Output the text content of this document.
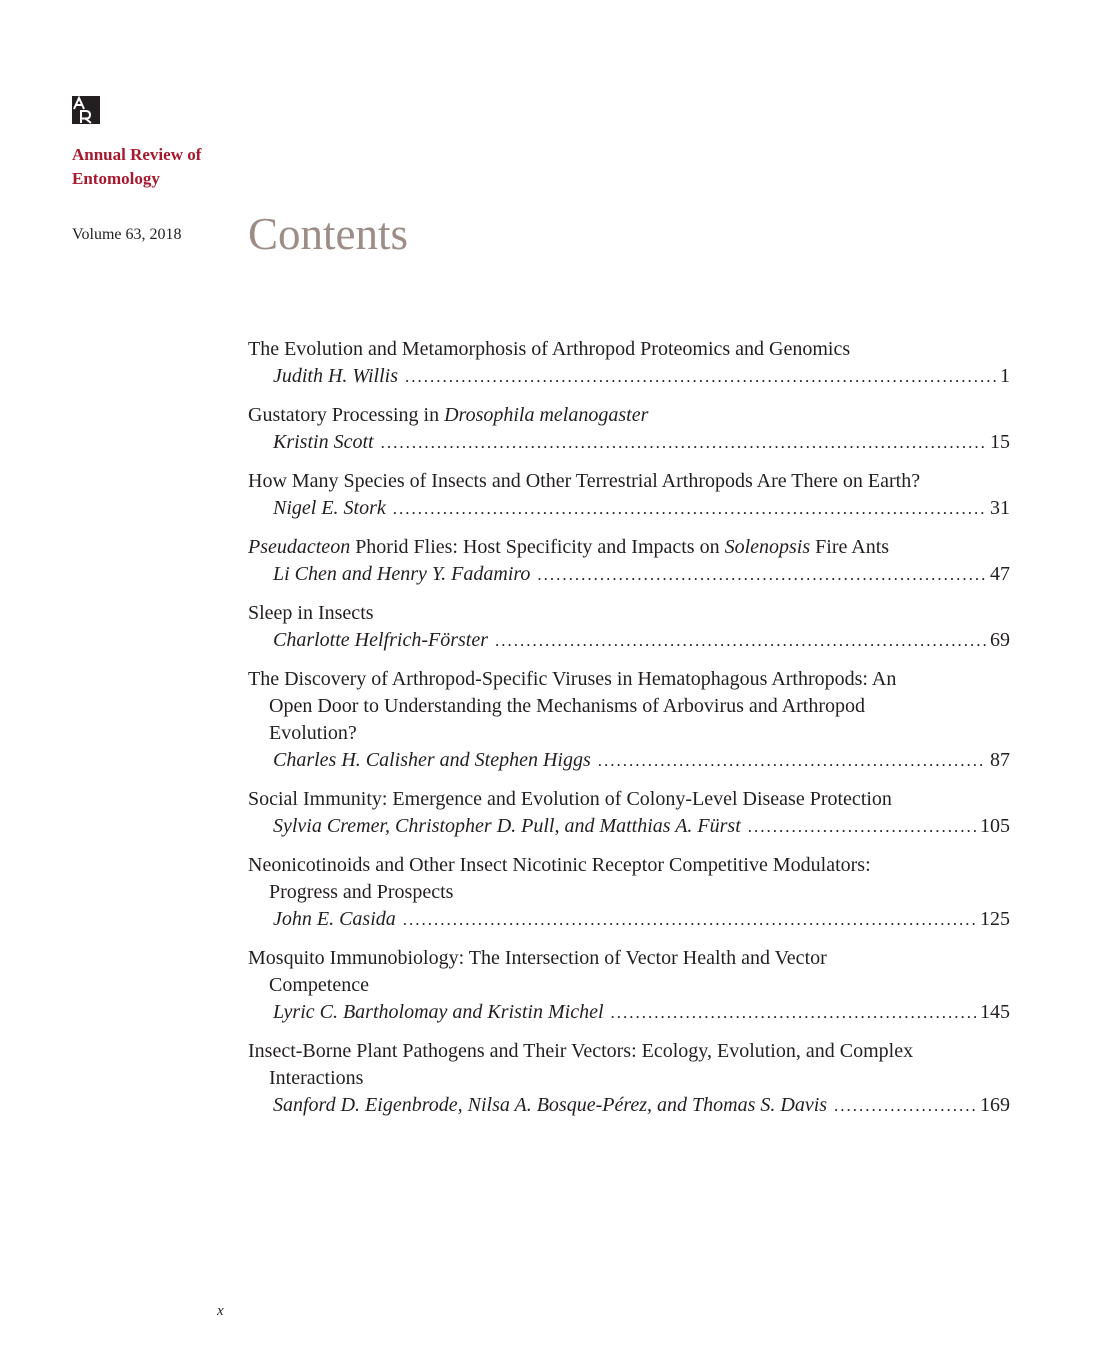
Annual Review of
Entomology
Volume 63, 2018 Contents
The Evolution and Metamorphosis of Arthropod Proteomics and Genomics
Judith H. Willis .....	1
Gustatory Processing in Drosophila melanogaster
Kristin Scott .....	15
How Many Species of Insects and Other Terrestrial Arthropods Are There on Earth?
Nigel E. Stork .....	31
Pseudacteon Phorid Flies: Host Specificity and Impacts on Solenopsis Fire Ants
Li Chen and Henry Y. Fadamiro .....	47
Sleep in Insects
Charlotte Helfrich-Förster .....	69
The Discovery of Arthropod-Specific Viruses in Hematophagous Arthropods: An Open Door to Understanding the Mechanisms of Arbovirus and Arthropod Evolution?
Charles H. Calisher and Stephen Higgs .....	87
Social Immunity: Emergence and Evolution of Colony-Level Disease Protection
Sylvia Cremer, Christopher D. Pull, and Matthias A. Fürst .....	105
Neonicotinoids and Other Insect Nicotinic Receptor Competitive Modulators: Progress and Prospects
John E. Casida .....	125
Mosquito Immunobiology: The Intersection of Vector Health and Vector Competence
Lyric C. Bartholomay and Kristin Michel .....	145
Insect-Borne Plant Pathogens and Their Vectors: Ecology, Evolution, and Complex Interactions
Sanford D. Eigenbrode, Nilsa A. Bosque-Pérez, and Thomas S. Davis .....	169
x
